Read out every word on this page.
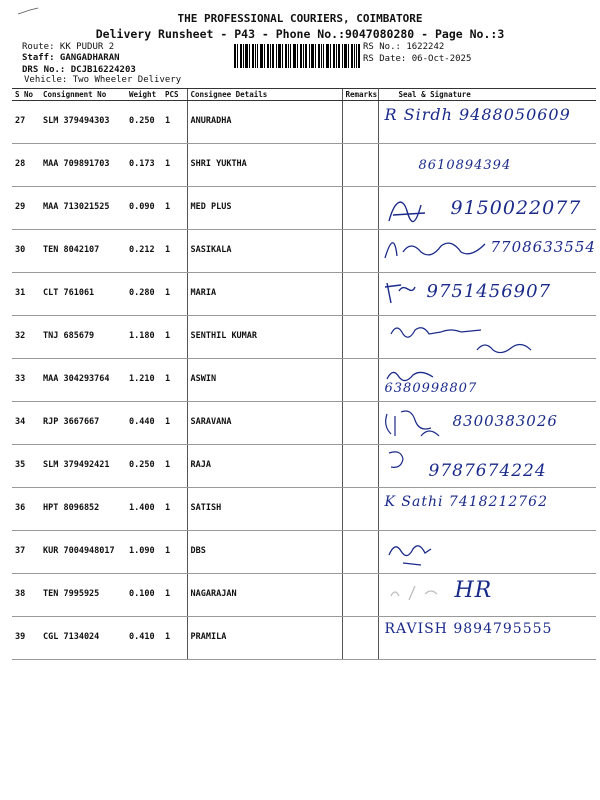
THE PROFESSIONAL COURIERS, COIMBATORE
Delivery Runsheet - P43 - Phone No.:9047080280 - Page No.:3
Route: KK PUDUR 2
Staff: GANGADHARAN
DRS No.: DCJB16224203
Vehicle: Two Wheeler Delivery
RS No.: 1622242
RS Date: 06-Oct-2025
S No	Consignment No	Weight	PCS	Consignee Details	Remarks	Seal & Signature
27	SLM 379494303	0.250	1	ANURADHA		R Sirdh 9488050609

28	MAA 709891703	0.173	1	SHRI YUKTHA		8610894394

29	MAA 713021525	0.090	1	MED PLUS		9150022077

30	TEN 8042107	0.212	1	SASIKALA		7708633554

31	CLT 761061	0.280	1	MARIA		9751456907

32	TNJ 685679	1.180	1	SENTHIL KUMAR		

33	MAA 304293764	1.210	1	ASWIN		6380998807

34	RJP 3667667	0.440	1	SARAVANA		8300383026

35	SLM 379492421	0.250	1	RAJA		9787674224

36	HPT 8096852	1.400	1	SATISH		K Sathi 7418212762

37	KUR 7004948017	1.090	1	DBS		

38	TEN 7995925	0.100	1	NAGARAJAN		HR

39	CGL 7134024	0.410	1	PRAMILA		RAVISH 9894795555
